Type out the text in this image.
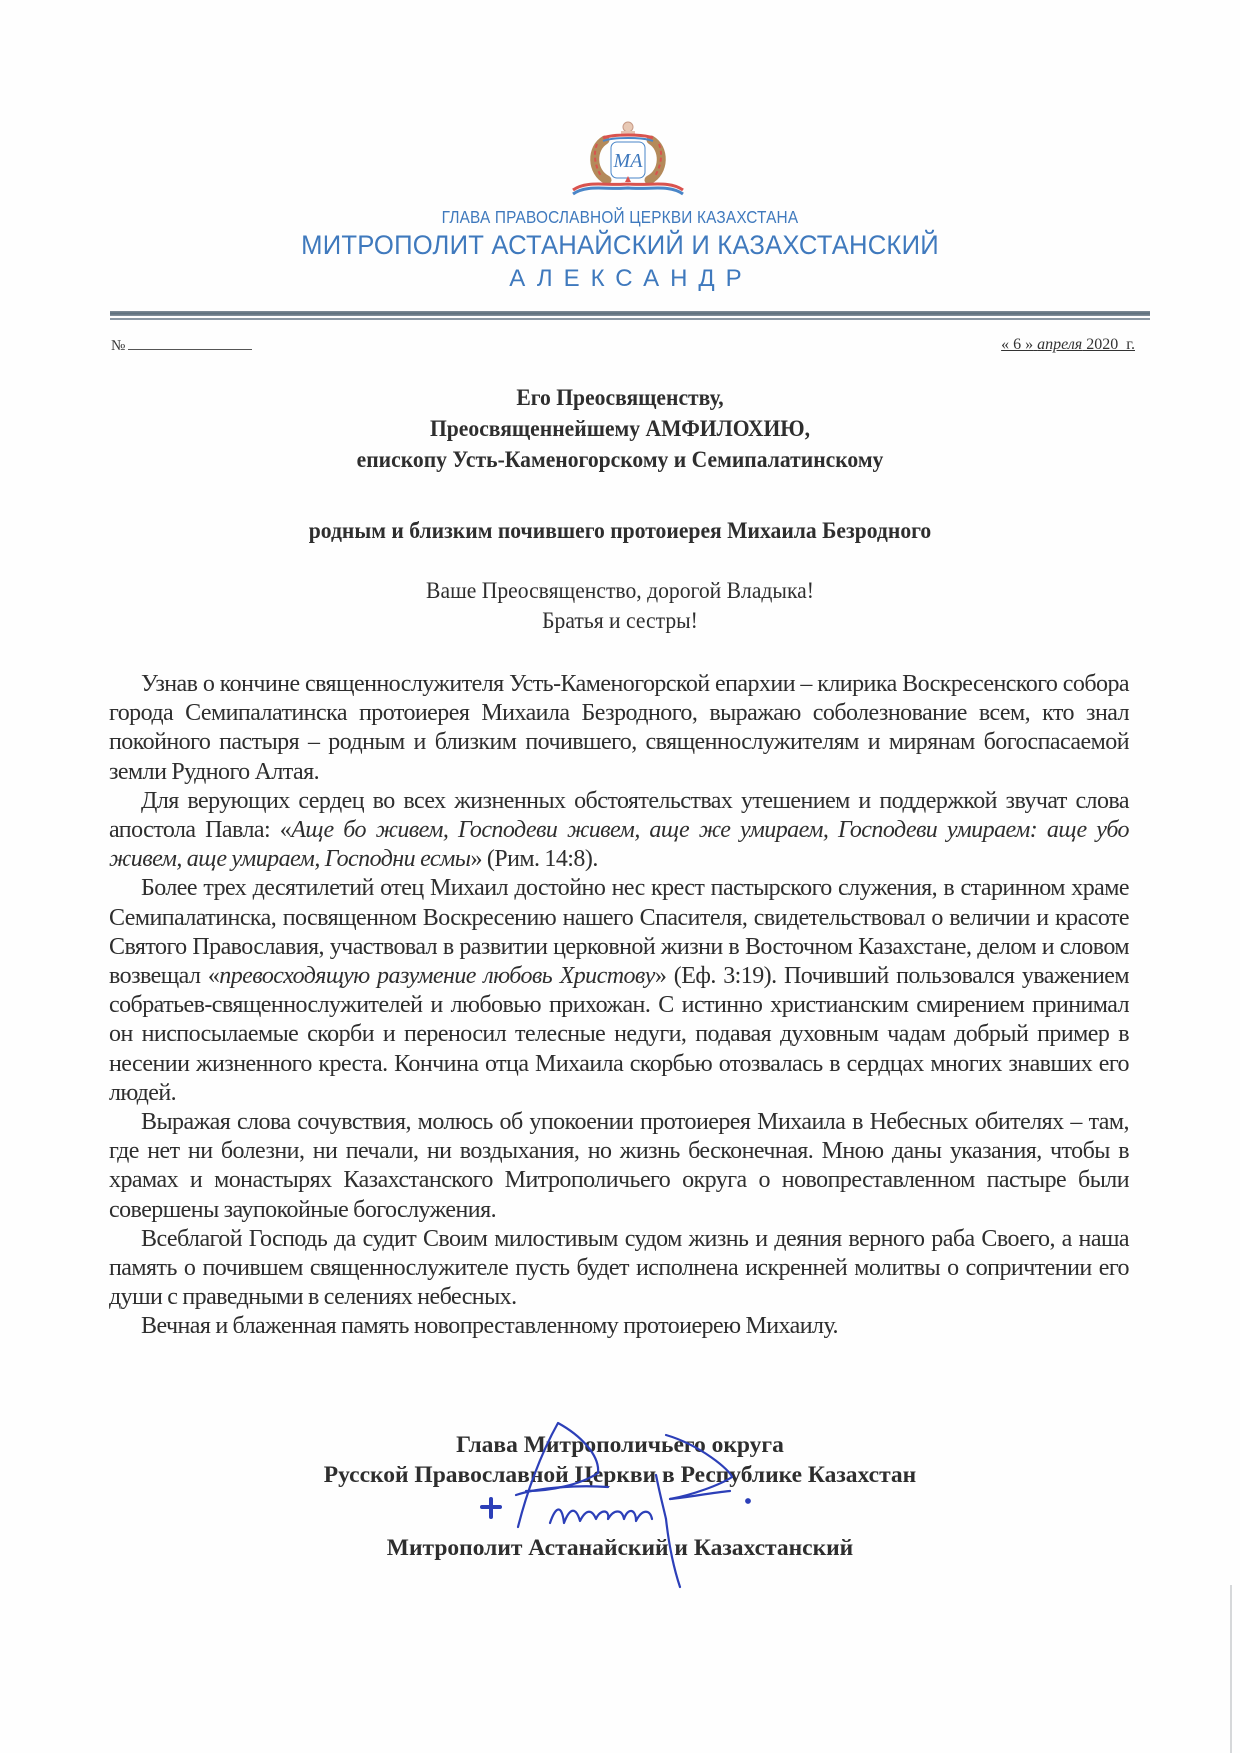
МА
ГЛАВА ПРАВОСЛАВНОЙ ЦЕРКВИ КАЗАХСТАНА
МИТРОПОЛИТ АСТАНАЙСКИЙ И КАЗАХСТАНСКИЙ
АЛЕКСАНДР
№	« 6 » апреля 2020  г.
Его Преосвященству,
Преосвященнейшему АМФИЛОХИЮ,
епископу Усть-Каменогорскому и Семипалатинскому
родным и близким почившего протоиерея Михаила Безродного
Ваше Преосвященство, дорогой Владыка!
Братья и сестры!

Узнав о кончине священнослужителя Усть-Каменогорской епархии – клирика Воскресенского собора города Семипалатинска протоиерея Михаила Безродного, выражаю соболезнование всем, кто знал покойного пастыря – родным и близким почившего, священнослужителям и мирянам богоспасаемой земли Рудного Алтая.

Для верующих сердец во всех жизненных обстоятельствах утешением и поддержкой звучат слова апостола Павла: «Аще бо живем, Господеви живем, аще же умираем, Господеви умираем: аще убо живем, аще умираем, Господни есмы» (Рим. 14:8).

Более трех десятилетий отец Михаил достойно нес крест пастырского служения, в старинном храме Семипалатинска, посвященном Воскресению нашего Спасителя, свидетельствовал о величии и красоте Святого Православия, участвовал в развитии церковной жизни в Восточном Казахстане, делом и словом возвещал «превосходящую разумение любовь Христову» (Еф. 3:19). Почивший пользовался уважением собратьев-священнослужителей и любовью прихожан. С истинно христианским смирением принимал он ниспосылаемые скорби и переносил телесные недуги, подавая духовным чадам добрый пример в несении жизненного креста. Кончина отца Михаила скорбью отозвалась в сердцах многих знавших его людей.

Выражая слова сочувствия, молюсь об упокоении протоиерея Михаила в Небесных обителях – там, где нет ни болезни, ни печали, ни воздыхания, но жизнь бесконечная. Мною даны указания, чтобы в храмах и монастырях Казахстанского Митрополичьего округа о новопреставленном пастыре были совершены заупокойные богослужения.

Всеблагой Господь да судит Своим милостивым судом жизнь и деяния верного раба Своего, а наша память о почившем священнослужителе пусть будет исполнена искренней молитвы о сопричтении его души с праведными в селениях небесных.

Вечная и блаженная память новопреставленному протоиерею Михаилу.

Глава Митрополичьего округа
Русской Православной Церкви в Республике Казахстан
Митрополит Астанайский и Казахстанский
